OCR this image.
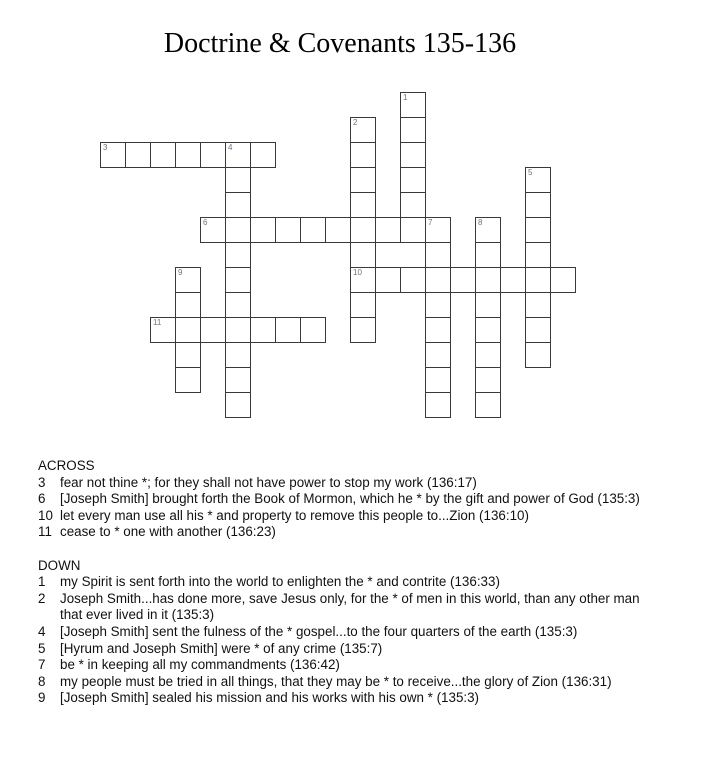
Doctrine & Covenants 135-136
1
2
3	4
5
6	7	8
9	10
11
ACROSS
3	fear not thine *; for they shall not have power to stop my work (136:17)
6	[Joseph Smith] brought forth the Book of Mormon, which he * by the gift and power of God (135:3)
10 let every man use all his * and property to remove this people to...Zion (136:10)
11 cease to * one with another (136:23)
DOWN
1	my Spirit is sent forth into the world to enlighten the * and contrite (136:33)
2	Joseph Smith...has done more, save Jesus only, for the * of men in this world, than any other man that ever lived in it (135:3)
4	[Joseph Smith] sent the fulness of the * gospel...to the four quarters of the earth (135:3)
5	[Hyrum and Joseph Smith] were * of any crime (135:7)
7	be * in keeping all my commandments (136:42)
8	my people must be tried in all things, that they may be * to receive...the glory of Zion (136:31)
9	[Joseph Smith] sealed his mission and his works with his own * (135:3)
